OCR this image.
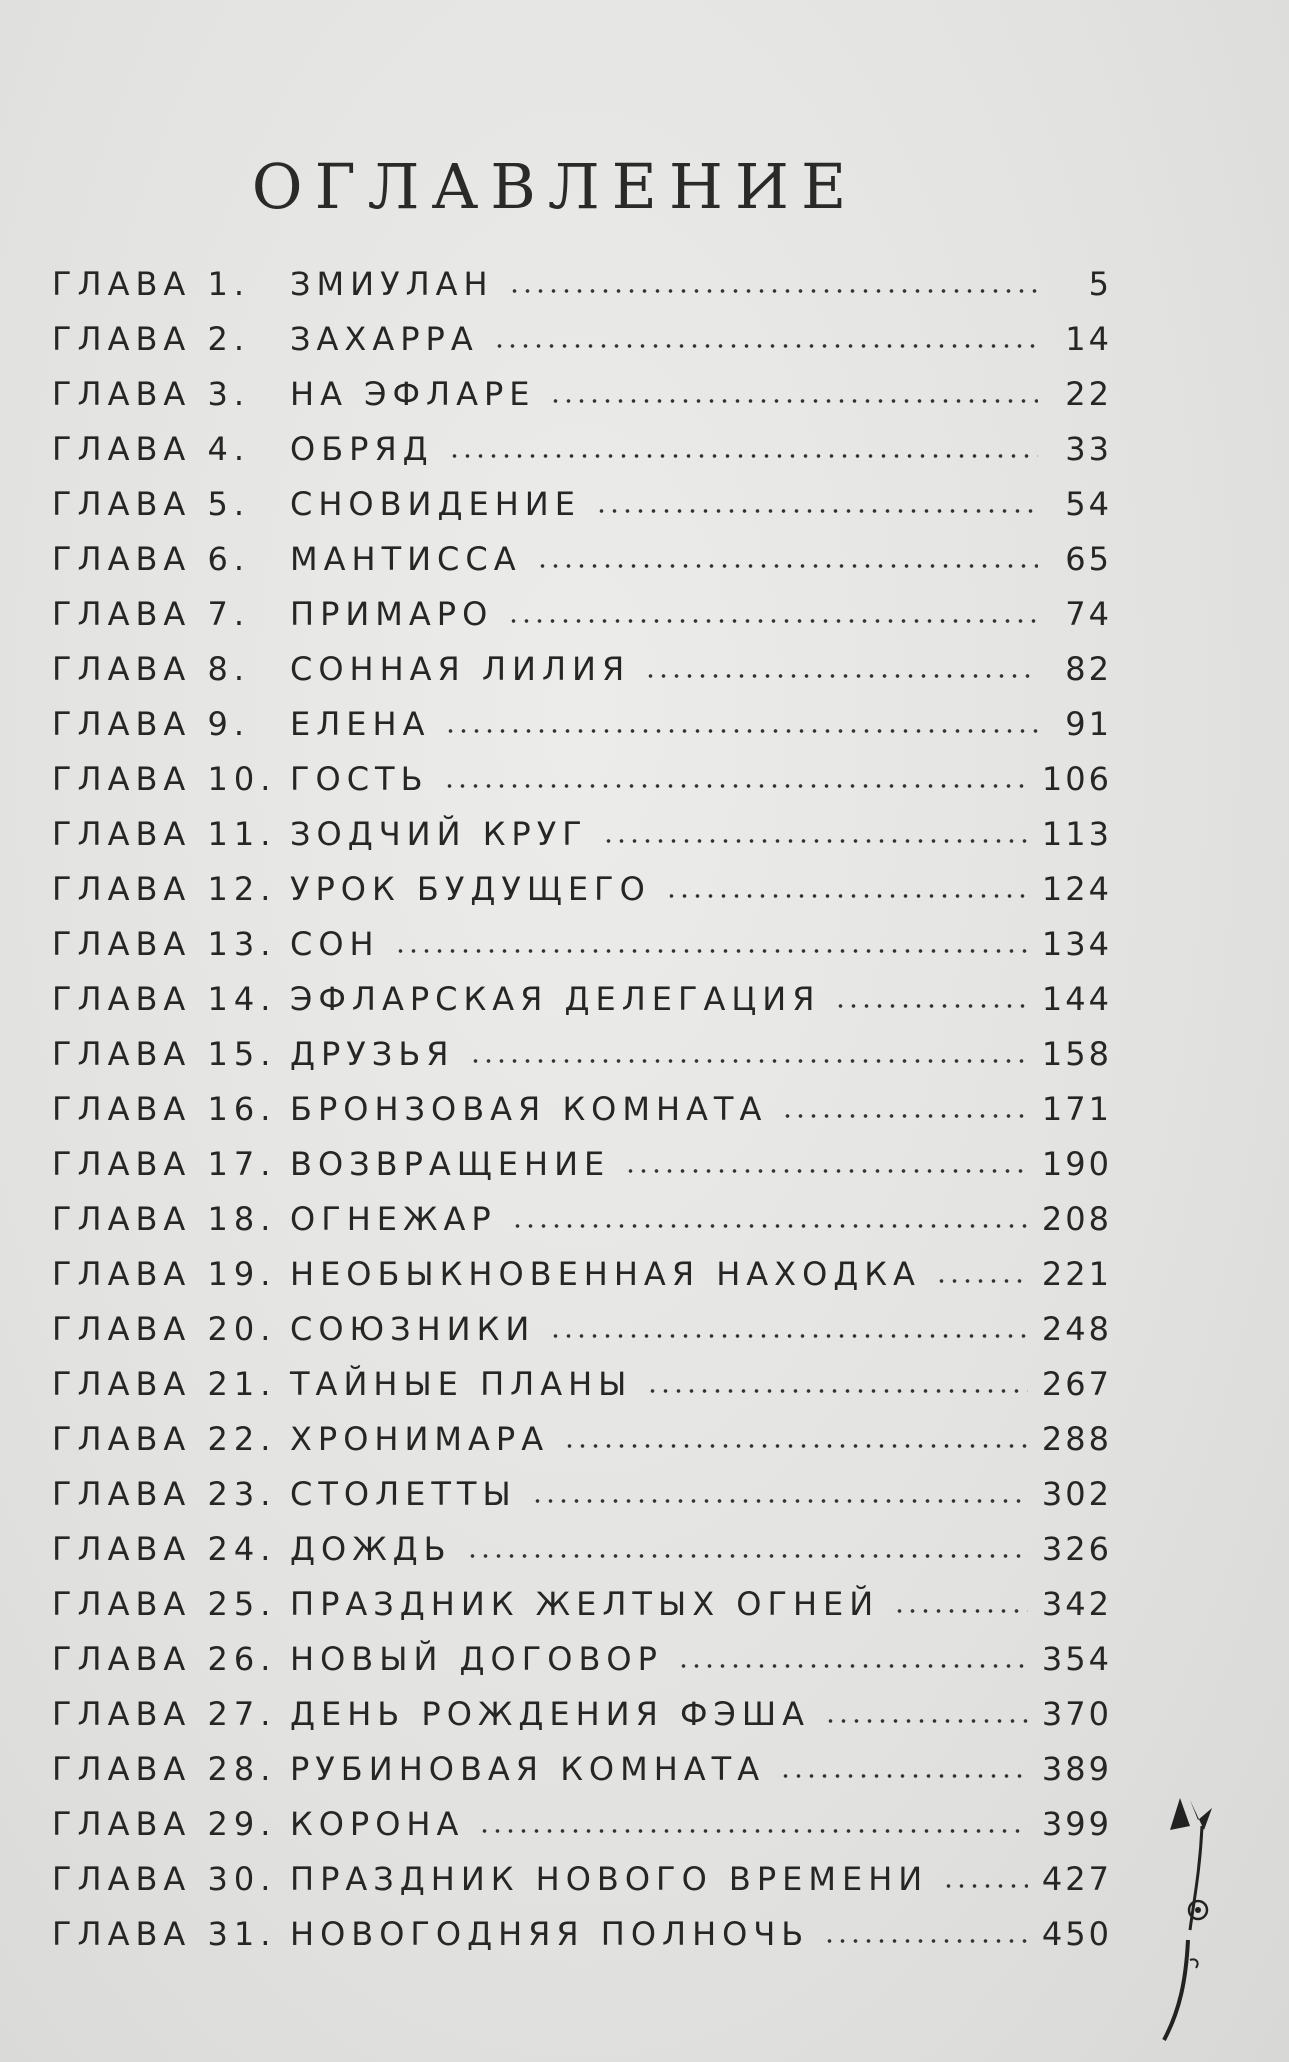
ОГЛАВЛЕНИЕ
ГЛАВА 1.	ЗМИУЛАН	5
ГЛАВА 2.	ЗАХАРРА	14
ГЛАВА 3.	НА ЭФЛАРЕ	22
ГЛАВА 4.	ОБРЯД	33
ГЛАВА 5.	СНОВИДЕНИЕ	54
ГЛАВА 6.	МАНТИССА	65
ГЛАВА 7.	ПРИМАРО	74
ГЛАВА 8.	СОННАЯ ЛИЛИЯ	82
ГЛАВА 9.	ЕЛЕНА	91
ГЛАВА 10. ГОСТЬ	106
ГЛАВА 11. ЗОДЧИЙ КРУГ	113
ГЛАВА 12. УРОК БУДУЩЕГО	124
ГЛАВА 13. СОН	134
ГЛАВА 14. ЭФЛАРСКАЯ ДЕЛЕГАЦИЯ	144
ГЛАВА 15. ДРУЗЬЯ	158
ГЛАВА 16. БРОНЗОВАЯ КОМНАТА	171
ГЛАВА 17. ВОЗВРАЩЕНИЕ	190
ГЛАВА 18. ОГНЕЖАР	208
ГЛАВА 19. НЕОБЫКНОВЕННАЯ НАХОДКА	221
ГЛАВА 20. СОЮЗНИКИ	248
ГЛАВА 21. ТАЙНЫЕ ПЛАНЫ	267
ГЛАВА 22. ХРОНИМАРА	288
ГЛАВА 23. СТОЛЕТТЫ	302
ГЛАВА 24. ДОЖДЬ	326
ГЛАВА 25. ПРАЗДНИК ЖЕЛТЫХ ОГНЕЙ	342
ГЛАВА 26. НОВЫЙ ДОГОВОР	354
ГЛАВА 27. ДЕНЬ РОЖДЕНИЯ ФЭША	370
ГЛАВА 28. РУБИНОВАЯ КОМНАТА	389
ГЛАВА 29. КОРОНА	399
ГЛАВА 30. ПРАЗДНИК НОВОГО ВРЕМЕНИ	427
ГЛАВА 31. НОВОГОДНЯЯ ПОЛНОЧЬ	450
